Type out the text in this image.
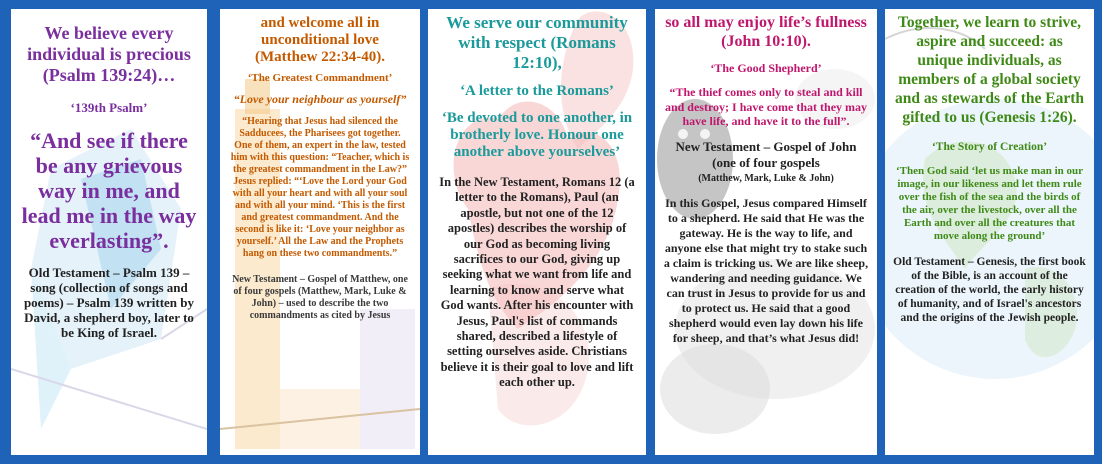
We believe every individual is precious (Psalm 139:24)…
‘139th Psalm’
“And see if there be any grievous way in me, and lead me in the way everlasting”.
Old Testament – Psalm 139 – song (collection of songs and poems) – Psalm 139 written by David, a shepherd boy, later to be King of Israel.
and welcome all in unconditional love (Matthew 22:34-40).
‘The Greatest Commandment’
“Love your neighbour as yourself”
“Hearing that Jesus had silenced the Sadducees, the Pharisees got together. One of them, an expert in the law, tested him with this question: “Teacher, which is the greatest commandment in the Law?” Jesus replied: “‘Love the Lord your God with all your heart and with all your soul and with all your mind. ‘This is the first and greatest commandment. And the second is like it: ‘Love your neighbor as yourself.’ All the Law and the Prophets hang on these two commandments.”
New Testament – Gospel of Matthew, one of four gospels (Matthew, Mark, Luke & John) – used to describe the two commandments as cited by Jesus
We serve our community with respect (Romans 12:10),
‘A letter to the Romans’
‘Be devoted to one another, in brotherly love. Honour one another above yourselves’
In the New Testament, Romans 12 (a letter to the Romans), Paul (an apostle, but not one of the 12 apostles) describes the worship of our God as becoming living sacrifices to our God, giving up seeking what we want from life and learning to know and serve what God wants. After his encounter with Jesus, Paul's list of commands shared, described a lifestyle of setting ourselves aside. Christians believe it is their goal to love and lift each other up.
so all may enjoy life’s fullness (John 10:10).
‘The Good Shepherd’
“The thief comes only to steal and kill and destroy; I have come that they may have life, and have it to the full”.
New Testament – Gospel of John (one of four gospels
(Matthew, Mark, Luke & John)
In this Gospel, Jesus compared Himself to a shepherd. He said that He was the gateway. He is the way to life, and anyone else that might try to stake such a claim is tricking us. We are like sheep, wandering and needing guidance. We can trust in Jesus to provide for us and to protect us. He said that a good shepherd would even lay down his life for sheep, and that’s what Jesus did!
Together, we learn to strive, aspire and succeed: as unique individuals, as members of a global society and as stewards of the Earth gifted to us (Genesis 1:26).
‘The Story of Creation’
‘Then God said ‘let us make man in our image, in our likeness and let them rule over the fish of the sea and the birds of the air, over the livestock, over all the Earth and over all the creatures that move along the ground’
Old Testament – Genesis, the first book of the Bible, is an account of the creation of the world, the early history of humanity, and of Israel's ancestors and the origins of the Jewish people.
